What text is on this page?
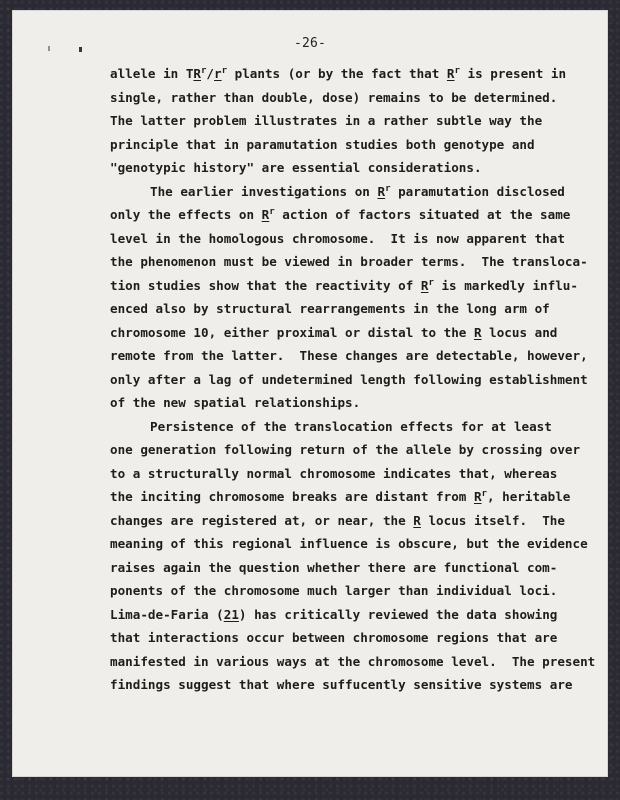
-26-
allele in $TR^r/r^r$ plants (or by the fact that $R^r$ is present in
single, rather than double, dose) remains to be determined.
The latter problem illustrates in a rather subtle way the
principle that in paramutation studies both genotype and
"genotypic history" are essential considerations.
The earlier investigations on $R^r$ paramutation disclosed
only the effects on $R^r$ action of factors situated at the same
level in the homologous chromosome.  It is now apparent that
the phenomenon must be viewed in broader terms.  The transloca-
tion studies show that the reactivity of $R^r$ is markedly influ-
enced also by structural rearrangements in the long arm of
chromosome 10, either proximal or distal to the R locus and
remote from the latter.  These changes are detectable, however,
only after a lag of undetermined length following establishment
of the new spatial relationships.
Persistence of the translocation effects for at least
one generation following return of the allele by crossing over
to a structurally normal chromosome indicates that, whereas
the inciting chromosome breaks are distant from $R^r$, heritable
changes are registered at, or near, the R locus itself.  The
meaning of this regional influence is obscure, but the evidence
raises again the question whether there are functional com-
ponents of the chromosome much larger than individual loci.
Lima-de-Faria (21) has critically reviewed the data showing
that interactions occur between chromosome regions that are
manifested in various ways at the chromosome level.  The present
findings suggest that where suffucently sensitive systems are
